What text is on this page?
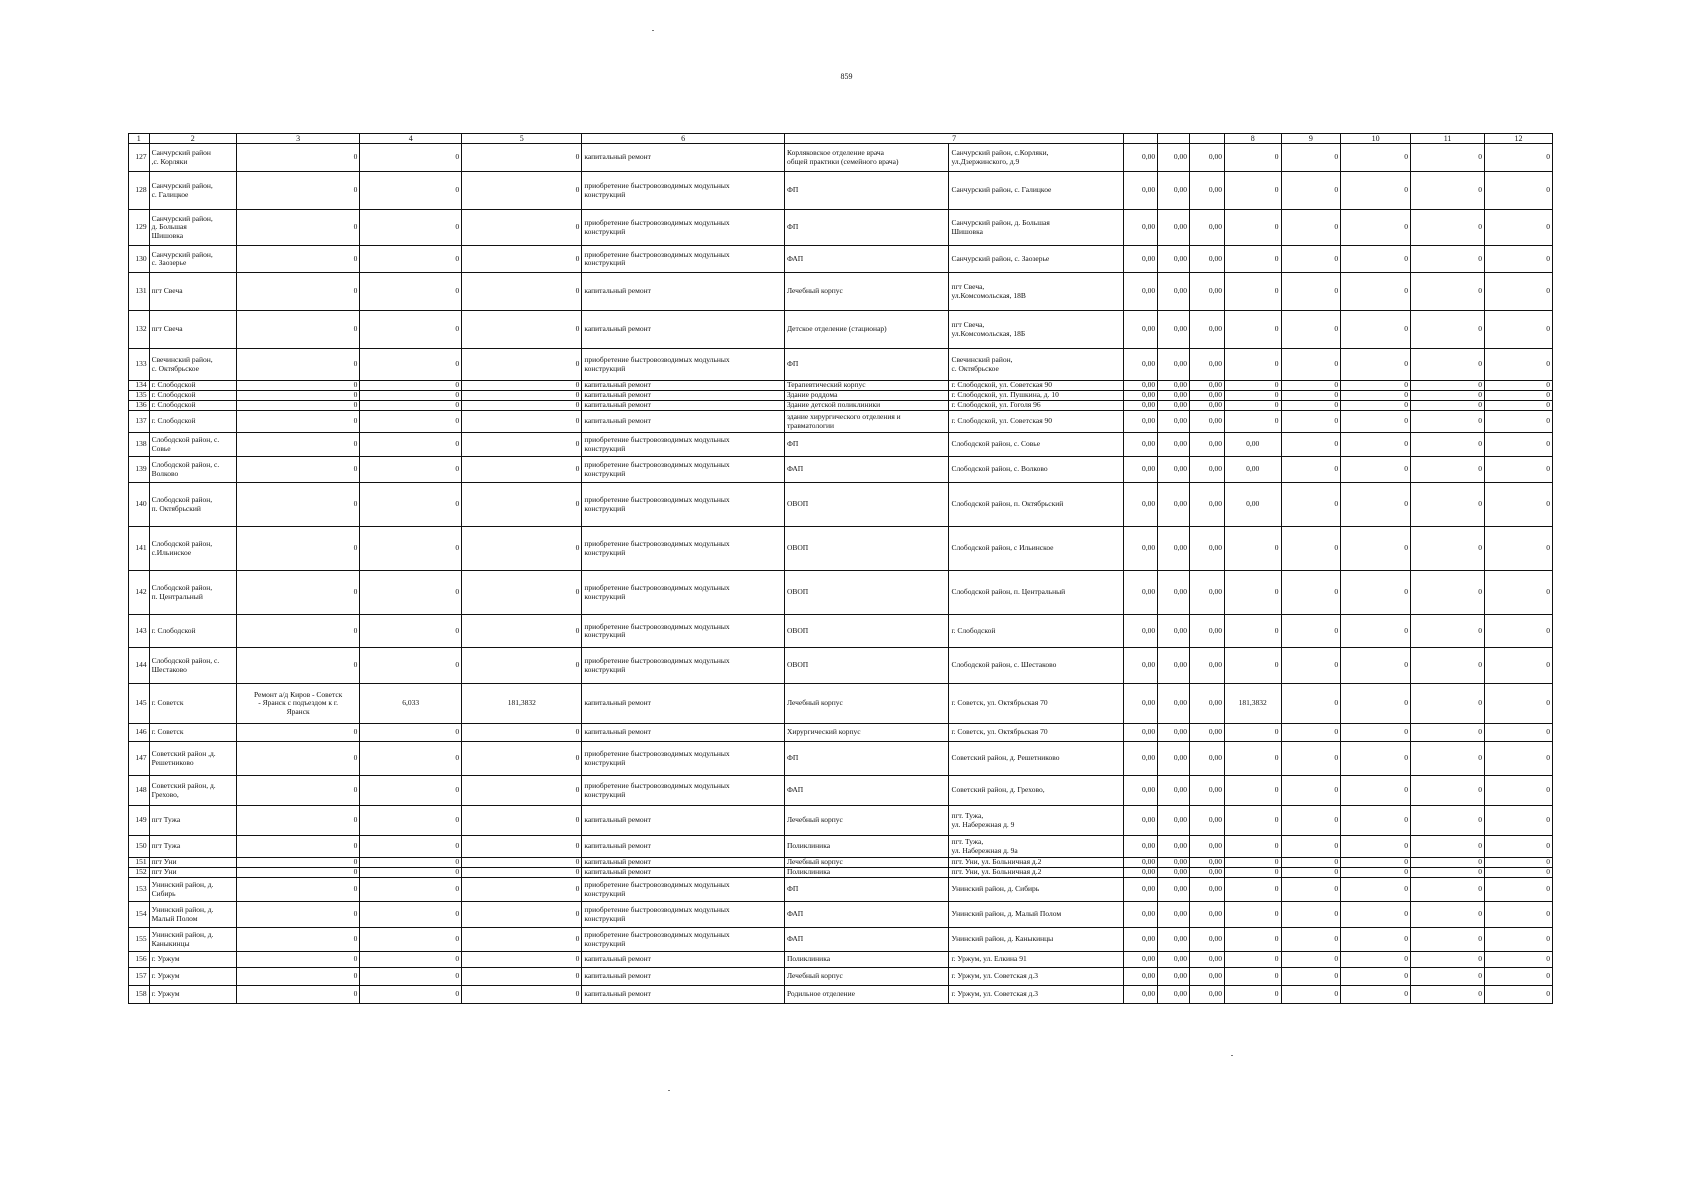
859
1	2	3	4	5	6	7					8	9	10	11	12
127	Санчурский район
,с. Корляки	0	0	0	капитальный ремонт	Корляковское отделение врача
общей практики (семейного врача)	Санчурский район, с.Корляки,
ул.Дзержинского, д.9	0,00	0,00	0,00	0	0	0	0	0
128	Санчурский район,
с. Галицкое	0	0	0	приобретение быстровозводимых модульных
конструкций	ФП	Санчурский район, с. Галицкое	0,00	0,00	0,00	0	0	0	0	0
129	Санчурский район,
д. Большая
Шишовка	0	0	0	приобретение быстровозводимых модульных
конструкций	ФП	Санчурский район, д. Большая
Шишовка	0,00	0,00	0,00	0	0	0	0	0
130	Санчурский район,
с. Заозерье	0	0	0	приобретение быстровозводимых модульных
конструкций	ФАП	Санчурский район, с. Заозерье	0,00	0,00	0,00	0	0	0	0	0
131	пгт Свеча	0	0	0	капитальный ремонт	Лечебный корпус	пгт Свеча,
ул.Комсомольская, 18В	0,00	0,00	0,00	0	0	0	0	0
132	пгт Свеча	0	0	0	капитальный ремонт	Детское отделение (стационар)	пгт Свеча,
ул.Комсомольская, 18Б	0,00	0,00	0,00	0	0	0	0	0
133	Свечинский район,
с. Октябрьское	0	0	0	приобретение быстровозводимых модульных
конструкций	ФП	Свечинский район,
с. Октябрьское	0,00	0,00	0,00	0	0	0	0	0
134	г. Слободской	0	0	0	капитальный ремонт	Терапевтический корпус	г. Слободской, ул. Советская 90	0,00	0,00	0,00	0	0	0	0	0
135	г. Слободской	0	0	0	капитальный ремонт	Здание роддома	г. Слободской, ул. Пушкина, д. 10	0,00	0,00	0,00	0	0	0	0	0
136	г. Слободской	0	0	0	капитальный ремонт	Здание детской поликлиники	г. Слободской, ул. Гоголя 96	0,00	0,00	0,00	0	0	0	0	0
137	г. Слободской	0	0	0	капитальный ремонт	здание хирургического отделения и
травматологии	г. Слободской, ул. Советская 90	0,00	0,00	0,00	0	0	0	0	0
138	Слободской район, с.
Совье	0	0	0	приобретение быстровозводимых модульных
конструкций	ФП	Слободской район, с. Совье	0,00	0,00	0,00	0,00	0	0	0	0
139	Слободской район, с.
Волково	0	0	0	приобретение быстровозводимых модульных
конструкций	ФАП	Слободской район, с. Волково	0,00	0,00	0,00	0,00	0	0	0	0
140	Слободской район,
п. Октябрьский	0	0	0	приобретение быстровозводимых модульных
конструкций	ОВОП	Слободской район, п. Октябрьский	0,00	0,00	0,00	0,00	0	0	0	0
141	Слободской район,
с.Ильинское	0	0	0	приобретение быстровозводимых модульных
конструкций	ОВОП	Слободской район, с Ильинское	0,00	0,00	0,00	0	0	0	0	0
142	Слободской район,
п. Центральный	0	0	0	приобретение быстровозводимых модульных
конструкций	ОВОП	Слободской район, п. Центральный	0,00	0,00	0,00	0	0	0	0	0
143	г. Слободской	0	0	0	приобретение быстровозводимых модульных
конструкций	ОВОП	г. Слободской	0,00	0,00	0,00	0	0	0	0	0
144	Слободской район, с.
Шестаково	0	0	0	приобретение быстровозводимых модульных
конструкций	ОВОП	Слободской район, с. Шестаково	0,00	0,00	0,00	0	0	0	0	0
145	г. Советск	Ремонт а/д Киров - Советск
- Яранск с подъездом к г.
Яранск	6,033	181,3832	капитальный ремонт	Лечебный корпус	г. Советск, ул. Октябрьская 70	0,00	0,00	0,00	181,3832	0	0	0	0
146	г. Советск	0	0	0	капитальный ремонт	Хирургический корпус	г. Советск, ул. Октябрьская 70	0,00	0,00	0,00	0	0	0	0	0
147	Советский район ,д.
Решетниково	0	0	0	приобретение быстровозводимых модульных
конструкций	ФП	Советский район, д. Решетниково	0,00	0,00	0,00	0	0	0	0	0
148	Советский район, д.
Грехово,	0	0	0	приобретение быстровозводимых модульных
конструкций	ФАП	Советский район, д. Грехово,	0,00	0,00	0,00	0	0	0	0	0
149	пгт Тужа	0	0	0	капитальный ремонт	Лечебный корпус	пгт. Тужа,
ул. Набережная д. 9	0,00	0,00	0,00	0	0	0	0	0
150	пгт Тужа	0	0	0	капитальный ремонт	Поликлиника	пгт. Тужа,
ул. Набережная д. 9а	0,00	0,00	0,00	0	0	0	0	0
151	пгт Уни	0	0	0	капитальный ремонт	Лечебный корпус	пгт. Уни, ул. Больничная д.2	0,00	0,00	0,00	0	0	0	0	0
152	пгт Уни	0	0	0	капитальный ремонт	Поликлиника	пгт. Уни, ул. Больничная д.2	0,00	0,00	0,00	0	0	0	0	0
153	Унинский район, д.
Сибирь	0	0	0	приобретение быстровозводимых модульных
конструкций	ФП	Унинский район, д. Сибирь	0,00	0,00	0,00	0	0	0	0	0
154	Унинский район, д.
Малый Полом	0	0	0	приобретение быстровозводимых модульных
конструкций	ФАП	Унинский район, д. Малый Полом	0,00	0,00	0,00	0	0	0	0	0
155	Унинский район, д.
Каныкинцы	0	0	0	приобретение быстровозводимых модульных
конструкций	ФАП	Унинский район, д. Каныкинцы	0,00	0,00	0,00	0	0	0	0	0
156	г. Уржум	0	0	0	капитальный ремонт	Поликлиника	г. Уржум, ул. Елкина 91	0,00	0,00	0,00	0	0	0	0	0
157	г. Уржум	0	0	0	капитальный ремонт	Лечебный корпус	г. Уржум, ул. Советская д.3	0,00	0,00	0,00	0	0	0	0	0
158	г. Уржум	0	0	0	капитальный ремонт	Родильное отделение	г. Уржум, ул. Советская д.3	0,00	0,00	0,00	0	0	0	0	0
